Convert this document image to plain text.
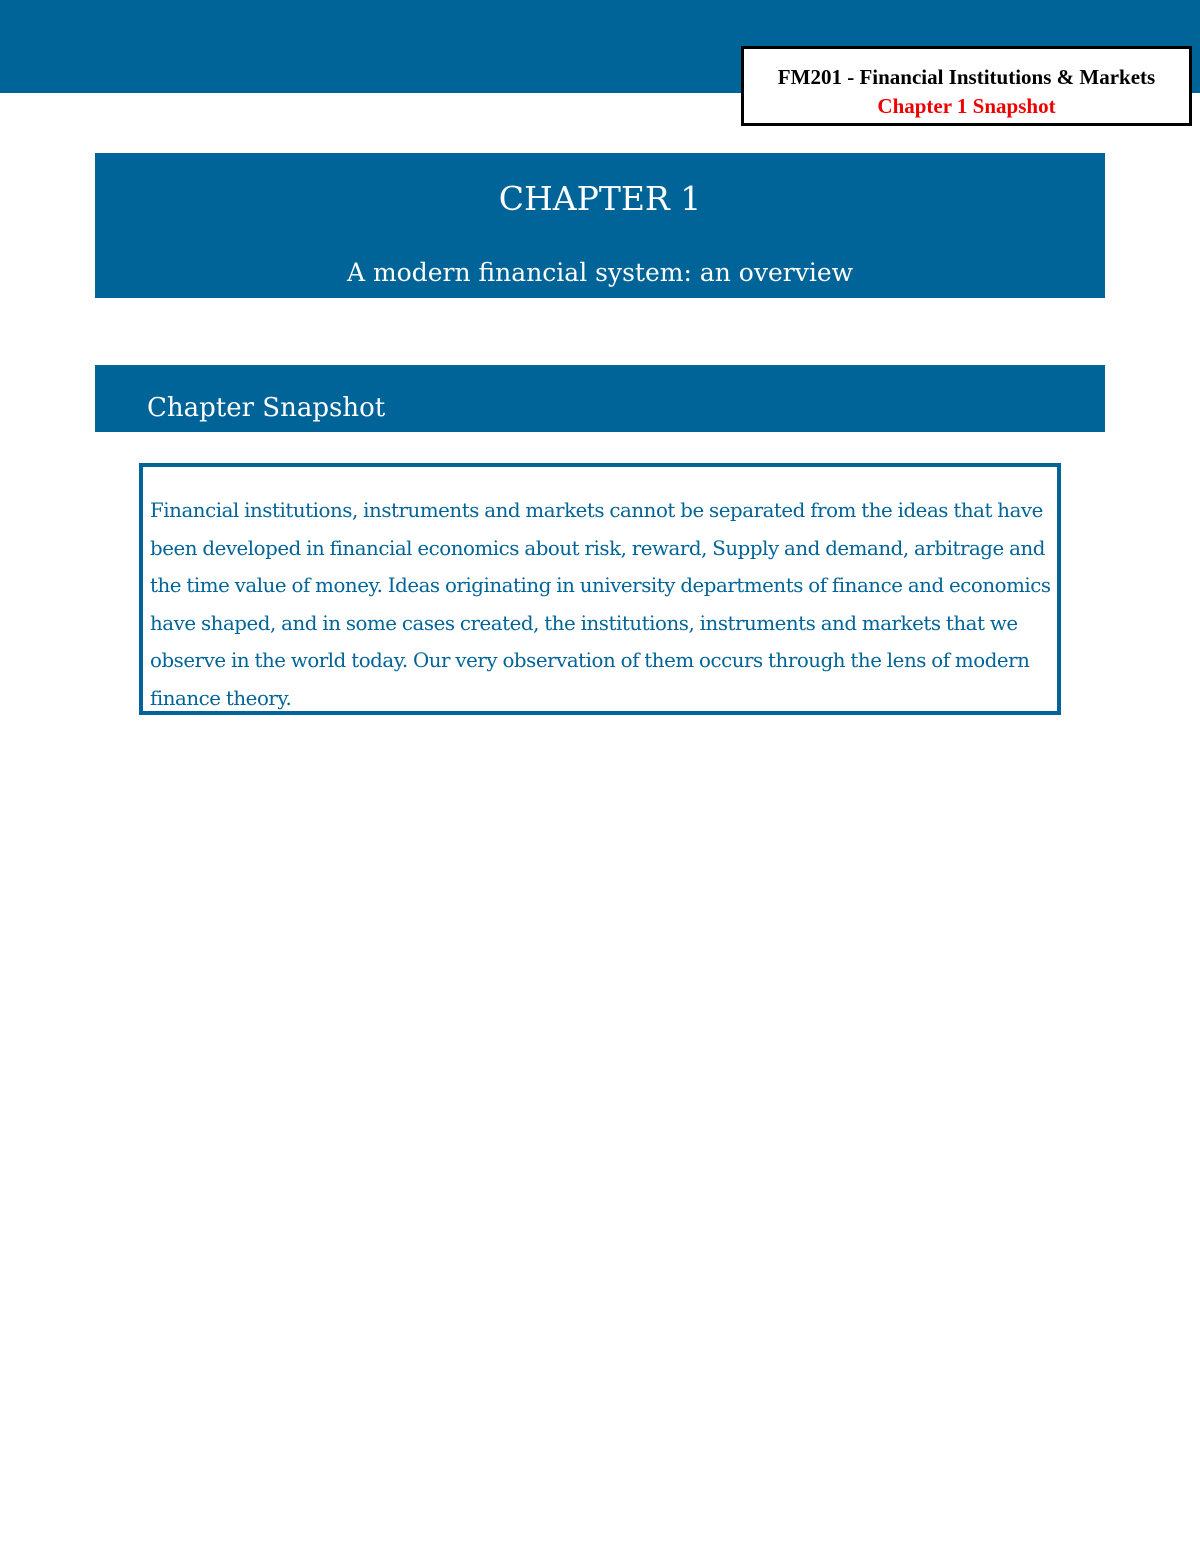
FM201 - Financial Institutions & Markets
Chapter 1 Snapshot
CHAPTER 1
A modern financial system: an overview
Chapter Snapshot

Financial institutions, instruments and markets cannot be separated from the ideas that have been developed in financial economics about risk, reward, Supply and demand, arbitrage and the time value of money. Ideas originating in university departments of finance and economics have shaped, and in some cases created, the institutions, instruments and markets that we observe in the world today. Our very observation of them occurs through the lens of modern finance theory.
